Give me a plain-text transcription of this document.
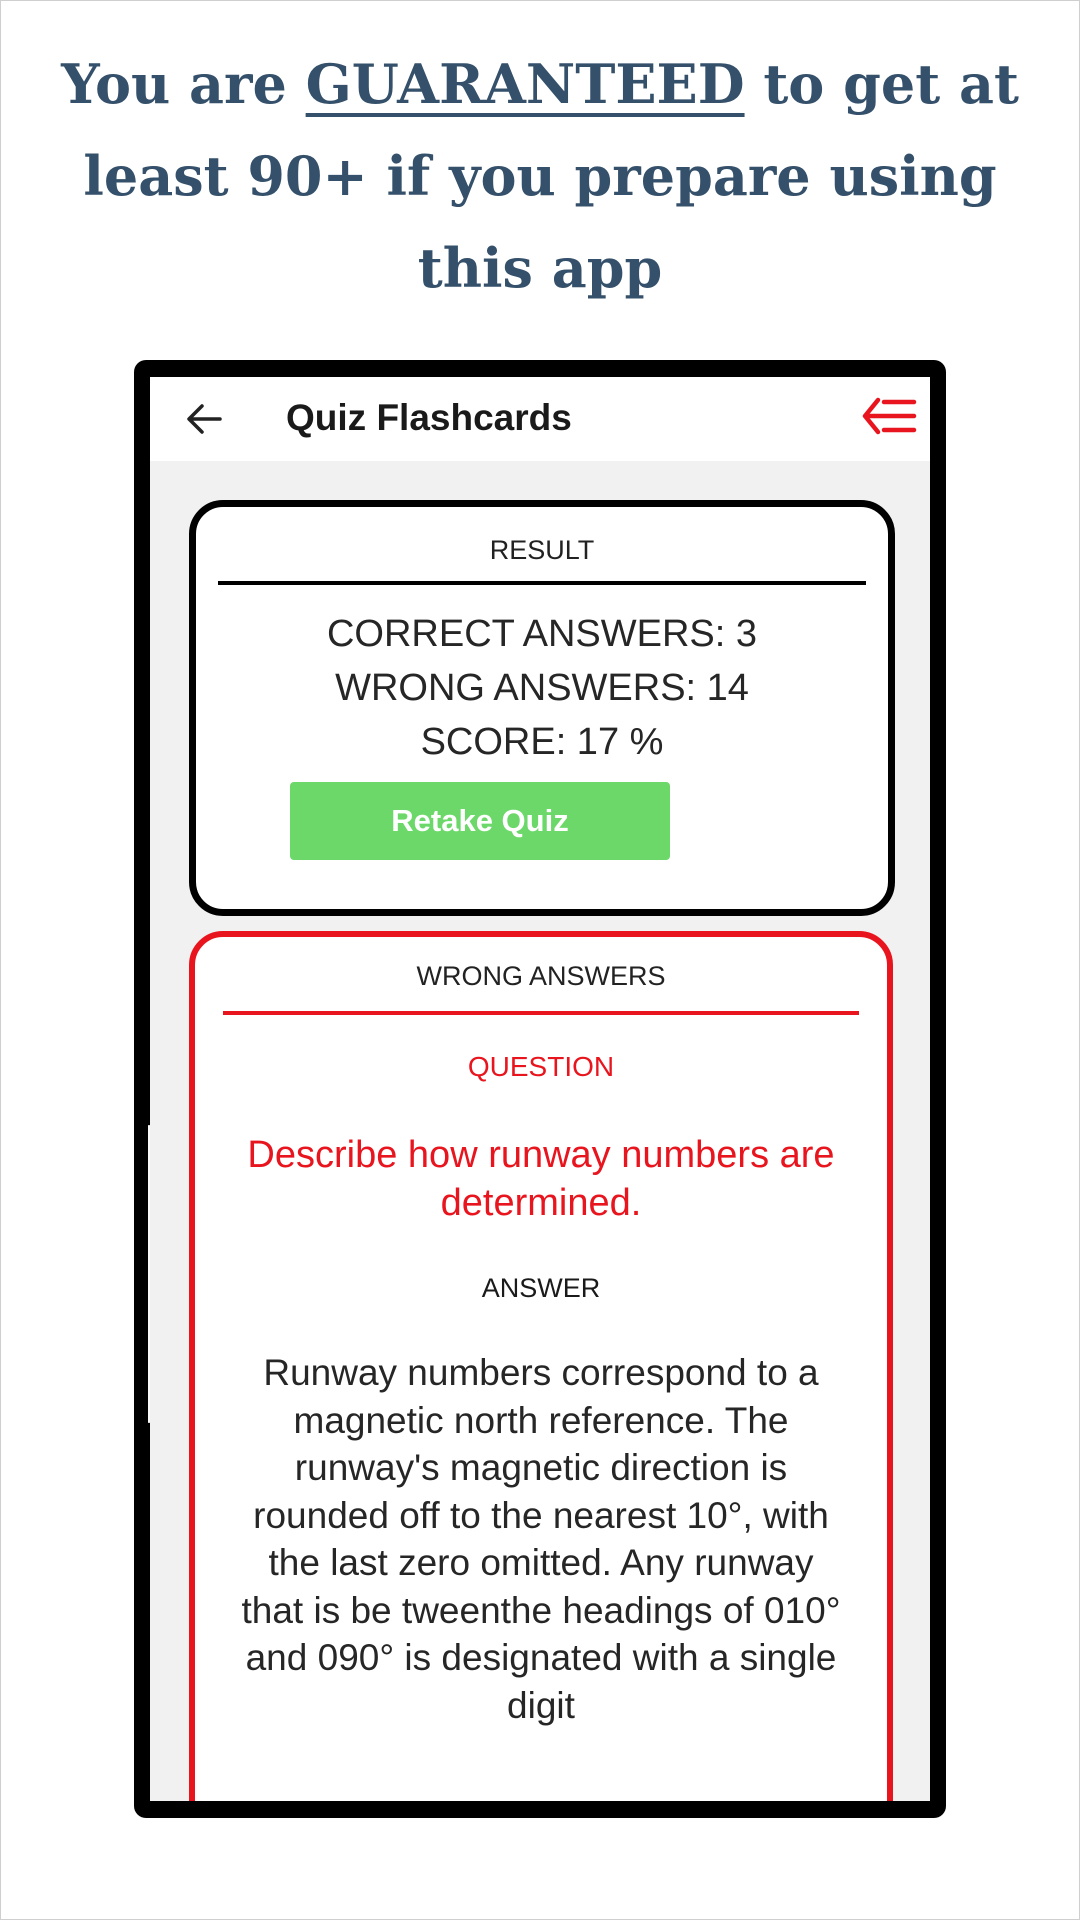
You are GUARANTEED to get at least 90+ if you prepare using this app
Quiz Flashcards
RESULT
CORRECT ANSWERS: 3
WRONG ANSWERS: 14
SCORE: 17 %
Retake Quiz
WRONG ANSWERS
QUESTION
Describe how runway numbers are determined.
ANSWER
Runway numbers correspond to a magnetic north reference. The runway's magnetic direction is rounded off to the nearest 10°, with the last zero omitted. Any runway that is be tweenthe headings of 010° and 090° is designated with a single digit
